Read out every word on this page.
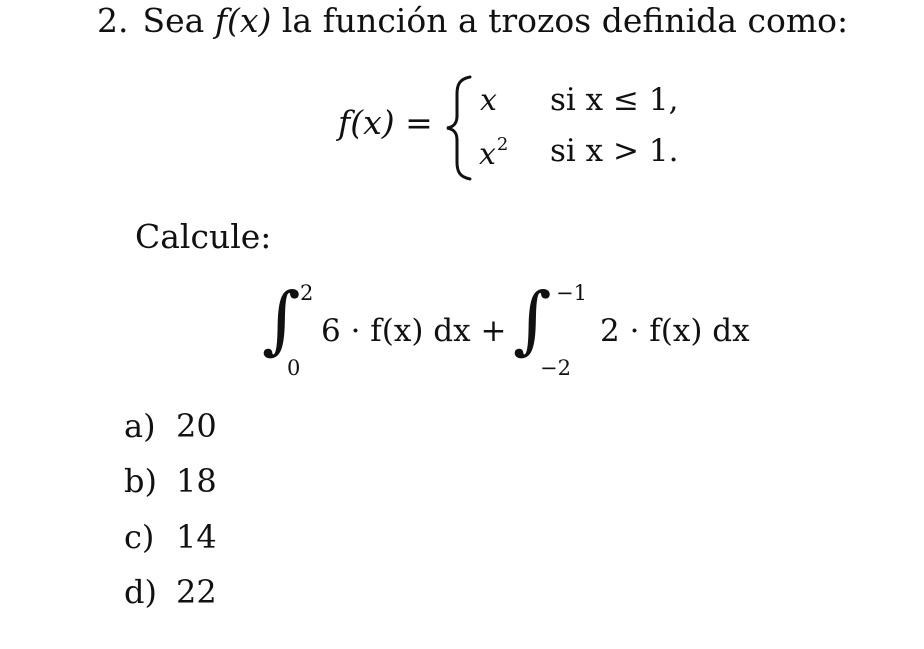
2. Sea f(x) la función a trozos definida como:
f(x) =
x si x ≤ 1,
$x^2$ si x > 1.
Calcule:
∫ 2
0
6 · f(x) dx + ∫ −1
−2
2 · f(x) dx
a) 20
b) 18
c) 14
d) 22
